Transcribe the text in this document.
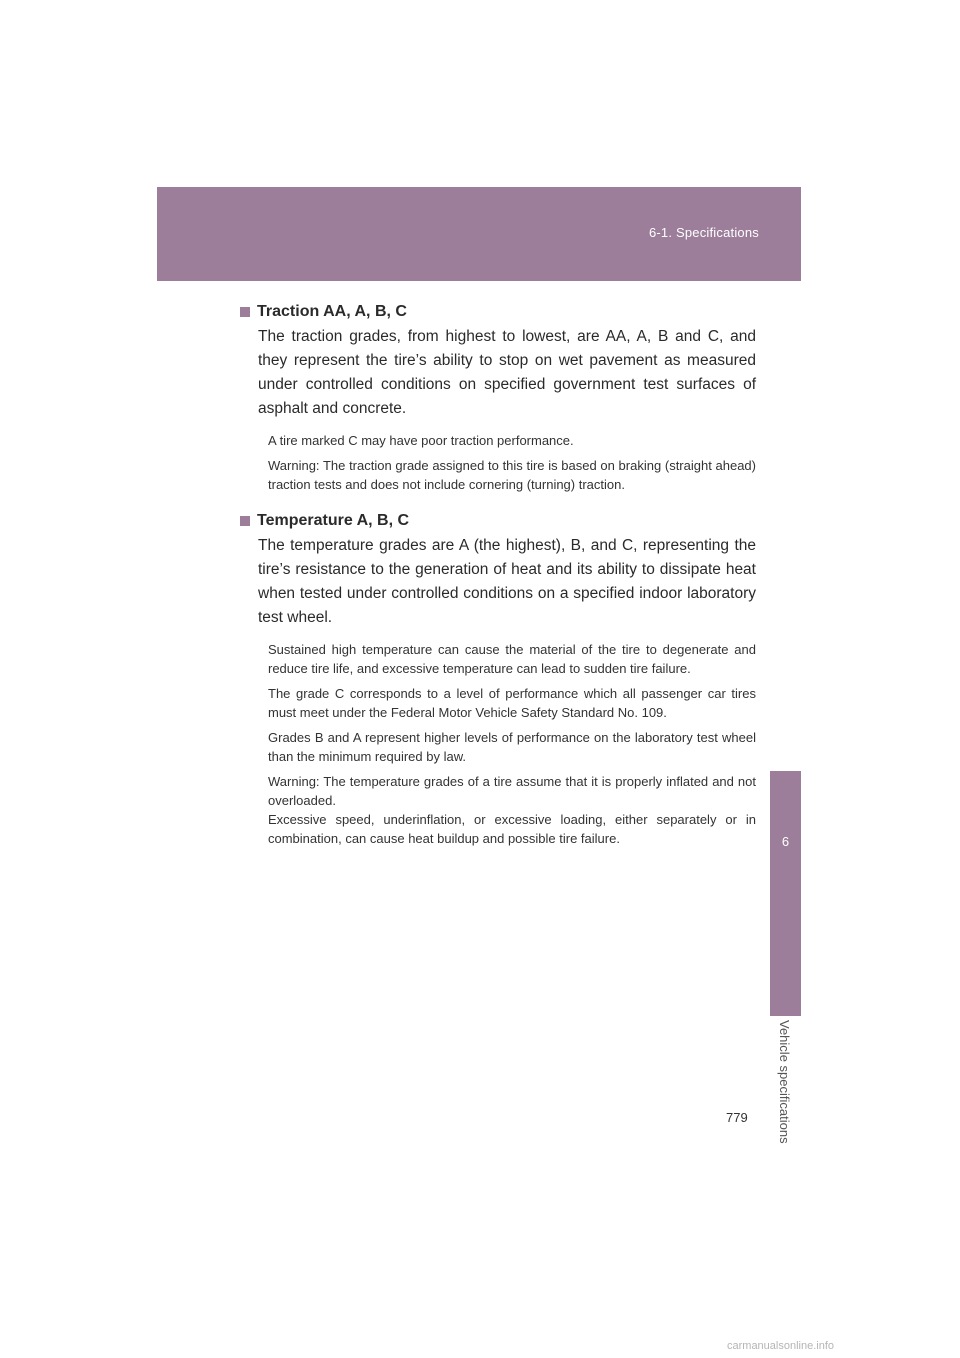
6-1. Specifications
6
Vehicle specifications
Traction AA, A, B, C

The traction grades, from highest to lowest, are AA, A, B and C, and they represent the tire’s ability to stop on wet pavement as measured under controlled conditions on specified government test surfaces of asphalt and concrete.

A tire marked C may have poor traction performance.

Warning: The traction grade assigned to this tire is based on braking (straight ahead) traction tests and does not include cornering (turning) traction.

Temperature A, B, C

The temperature grades are A (the highest), B, and C, representing the tire’s resistance to the generation of heat and its ability to dissipate heat when tested under controlled conditions on a specified indoor laboratory test wheel.

Sustained high temperature can cause the material of the tire to degenerate and reduce tire life, and excessive temperature can lead to sudden tire failure.

The grade C corresponds to a level of performance which all passenger car tires must meet under the Federal Motor Vehicle Safety Standard No. 109.

Grades B and A represent higher levels of performance on the laboratory test wheel than the minimum required by law.

Warning: The temperature grades of a tire assume that it is properly inflated and not overloaded.

Excessive speed, underinflation, or excessive loading, either separately or in combination, can cause heat buildup and possible tire failure.

779
carmanualsonline.info
